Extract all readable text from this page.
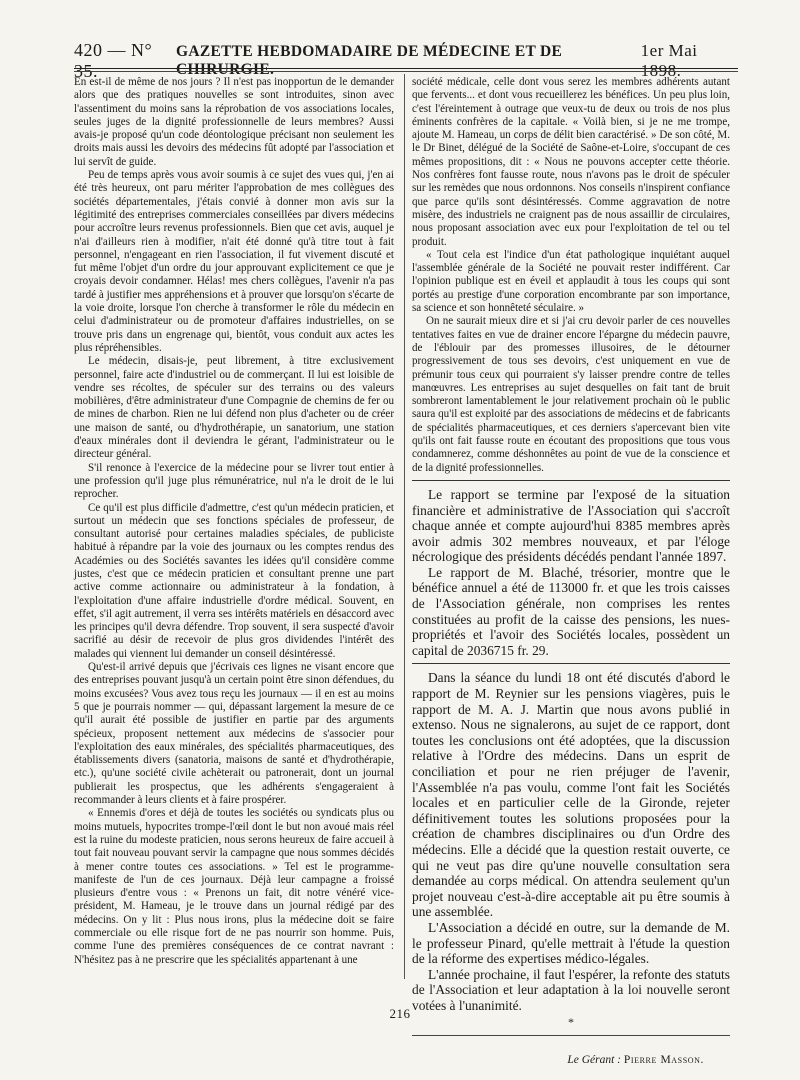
420 — N° 35.
GAZETTE HEBDOMADAIRE DE MÉDECINE ET DE CHIRURGIE.
1er Mai 1898.

En est-il de même de nos jours ? Il n'est pas inopportun de le demander alors que des pratiques nouvelles se sont introduites, sinon avec l'assentiment du moins sans la réprobation de vos associations locales, seules juges de la dignité professionnelle de leurs membres? Aussi avais-je proposé qu'un code déontologique précisant non seulement les droits mais aussi les devoirs des médecins fût adopté par l'association et lui servît de guide.

Peu de temps après vous avoir soumis à ce sujet des vues qui, j'en ai été très heureux, ont paru mériter l'approbation de mes collègues des sociétés départementales, j'étais convié à donner mon avis sur la légitimité des entreprises commerciales conseillées par divers médecins pour accroître leurs revenus professionnels. Bien que cet avis, auquel je n'ai d'ailleurs rien à modifier, n'ait été donné qu'à titre tout à fait personnel, n'engageant en rien l'association, il fut vivement discuté et fut même l'objet d'un ordre du jour approuvant explicitement ce que je croyais devoir condamner. Hélas! mes chers collègues, l'avenir n'a pas tardé à justifier mes appréhensions et à prouver que lorsqu'on s'écarte de la voie droite, lorsque l'on cherche à transformer le rôle du médecin en celui d'administrateur ou de promoteur d'affaires industrielles, on se trouve pris dans un engrenage qui, bientôt, vous conduit aux actes les plus répréhensibles.

Le médecin, disais-je, peut librement, à titre exclusivement personnel, faire acte d'industriel ou de commerçant. Il lui est loisible de vendre ses récoltes, de spéculer sur des terrains ou des valeurs mobilières, d'être administrateur d'une Compagnie de chemins de fer ou de mines de charbon. Rien ne lui défend non plus d'acheter ou de créer une maison de santé, ou d'hydrothérapie, un sanatorium, une station d'eaux minérales dont il deviendra le gérant, l'administrateur ou le directeur général.

S'il renonce à l'exercice de la médecine pour se livrer tout entier à une profession qu'il juge plus rémunératrice, nul n'a le droit de le lui reprocher.

Ce qu'il est plus difficile d'admettre, c'est qu'un médecin praticien, et surtout un médecin que ses fonctions spéciales de professeur, de consultant autorisé pour certaines maladies spéciales, de publiciste habitué à répandre par la voie des journaux ou les comptes rendus des Académies ou des Sociétés savantes les idées qu'il considère comme justes, c'est que ce médecin praticien et consultant prenne une part active comme actionnaire ou administrateur à la fondation, à l'exploitation d'une affaire industrielle d'ordre médical. Souvent, en effet, s'il agit autrement, il verra ses intérêts matériels en désaccord avec les principes qu'il devra défendre. Trop souvent, il sera suspecté d'avoir sacrifié au désir de recevoir de plus gros dividendes l'intérêt des malades qui viennent lui demander un conseil désintéressé.

Qu'est-il arrivé depuis que j'écrivais ces lignes ne visant encore que des entreprises pouvant jusqu'à un certain point être sinon défendues, du moins excusées? Vous avez tous reçu les journaux — il en est au moins 5 que je pourrais nommer — qui, dépassant largement la mesure de ce qu'il aurait été possible de justifier en partie par des arguments spécieux, proposent nettement aux médecins de s'associer pour l'exploitation des eaux minérales, des spécialités pharmaceutiques, des établissements divers (sanatoria, maisons de santé et d'hydrothérapie, etc.), qu'une société civile achèterait ou patronerait, dont un journal publierait les prospectus, que les adhérents s'engageraient à recommander à leurs clients et à faire prospérer.

« Ennemis d'ores et déjà de toutes les sociétés ou syndicats plus ou moins mutuels, hypocrites trompe-l'œil dont le but non avoué mais réel est la ruine du modeste praticien, nous serons heureux de faire accueil à tout fait nouveau pouvant servir la campagne que nous sommes décidés à mener contre toutes ces associations. » Tel est le programme-manifeste de l'un de ces journaux. Déjà leur campagne a froissé plusieurs d'entre vous : « Prenons un fait, dit notre vénéré vice-président, M. Hameau, je le trouve dans un journal rédigé par des médecins. On y lit : Plus nous irons, plus la médecine doit se faire commerciale ou elle risque fort de ne pas nourrir son homme. Puis, comme l'une des premières conséquences de ce contrat navrant : N'hésitez pas à ne prescrire que les spécialités appartenant à une

société médicale, celle dont vous serez les membres adhérents autant que fervents... et dont vous recueillerez les bénéfices. Un peu plus loin, c'est l'éreintement à outrage que veux-tu de deux ou trois de nos plus éminents confrères de la capitale. « Voilà bien, si je ne me trompe, ajoute M. Hameau, un corps de délit bien caractérisé. » De son côté, M. le Dr Binet, délégué de la Société de Saône-et-Loire, s'occupant de ces mêmes propositions, dit : « Nous ne pouvons accepter cette théorie. Nos confrères font fausse route, nous n'avons pas le droit de spéculer sur les remèdes que nous ordonnons. Nos conseils n'inspirent confiance que parce qu'ils sont désintéressés. Comme aggravation de notre misère, des industriels ne craignent pas de nous assaillir de circulaires, nous proposant association avec eux pour l'exploitation de tel ou tel produit.

« Tout cela est l'indice d'un état pathologique inquiétant auquel l'assemblée générale de la Société ne pouvait rester indifférent. Car l'opinion publique est en éveil et applaudit à tous les coups qui sont portés au prestige d'une corporation encombrante par son importance, sa science et son honnêteté séculaire. »

On ne saurait mieux dire et si j'ai cru devoir parler de ces nouvelles tentatives faites en vue de drainer encore l'épargne du médecin pauvre, de l'éblouir par des promesses illusoires, de le détourner progressivement de tous ses devoirs, c'est uniquement en vue de prémunir tous ceux qui pourraient s'y laisser prendre contre de telles manœuvres. Les entreprises au sujet desquelles on fait tant de bruit sombreront lamentablement le jour relativement prochain où le public saura qu'il est exploité par des associations de médecins et de fabricants de spécialités pharmaceutiques, et ces derniers s'apercevant bien vite qu'ils ont fait fausse route en écoutant des propositions que tous vous condamnerez, comme déshonnêtes au point de vue de la conscience et de la dignité professionnelles.

Le rapport se termine par l'exposé de la situation financière et administrative de l'Association qui s'accroît chaque année et compte aujourd'hui 8385 membres après avoir admis 302 membres nouveaux, et par l'éloge nécrologique des présidents décédés pendant l'année 1897.

Le rapport de M. Blaché, trésorier, montre que le bénéfice annuel a été de 113000 fr. et que les trois caisses de l'Association générale, non comprises les rentes constituées au profit de la caisse des pensions, les nues-propriétés et l'avoir des Sociétés locales, possèdent un capital de 2036715 fr. 29.

Dans la séance du lundi 18 ont été discutés d'abord le rapport de M. Reynier sur les pensions viagères, puis le rapport de M. A. J. Martin que nous avons publié in extenso. Nous ne signalerons, au sujet de ce rapport, dont toutes les conclusions ont été adoptées, que la discussion relative à l'Ordre des médecins. Dans un esprit de conciliation et pour ne rien préjuger de l'avenir, l'Assemblée n'a pas voulu, comme l'ont fait les Sociétés locales et en particulier celle de la Gironde, rejeter définitivement toutes les solutions proposées pour la création de chambres disciplinaires ou d'un Ordre des médecins. Elle a décidé que la question restait ouverte, ce qui ne veut pas dire qu'une nouvelle consultation sera demandée au corps médical. On attendra seulement qu'un projet nouveau c'est-à-dire acceptable ait pu être soumis à une assemblée.

L'Association a décidé en outre, sur la demande de M. le professeur Pinard, qu'elle mettrait à l'étude la question de la réforme des expertises médico-légales.

L'année prochaine, il faut l'espérer, la refonte des statuts de l'Association et leur adaptation à la loi nouvelle seront votées à l'unanimité.

*
Le Gérant : Pierre Masson.
216
